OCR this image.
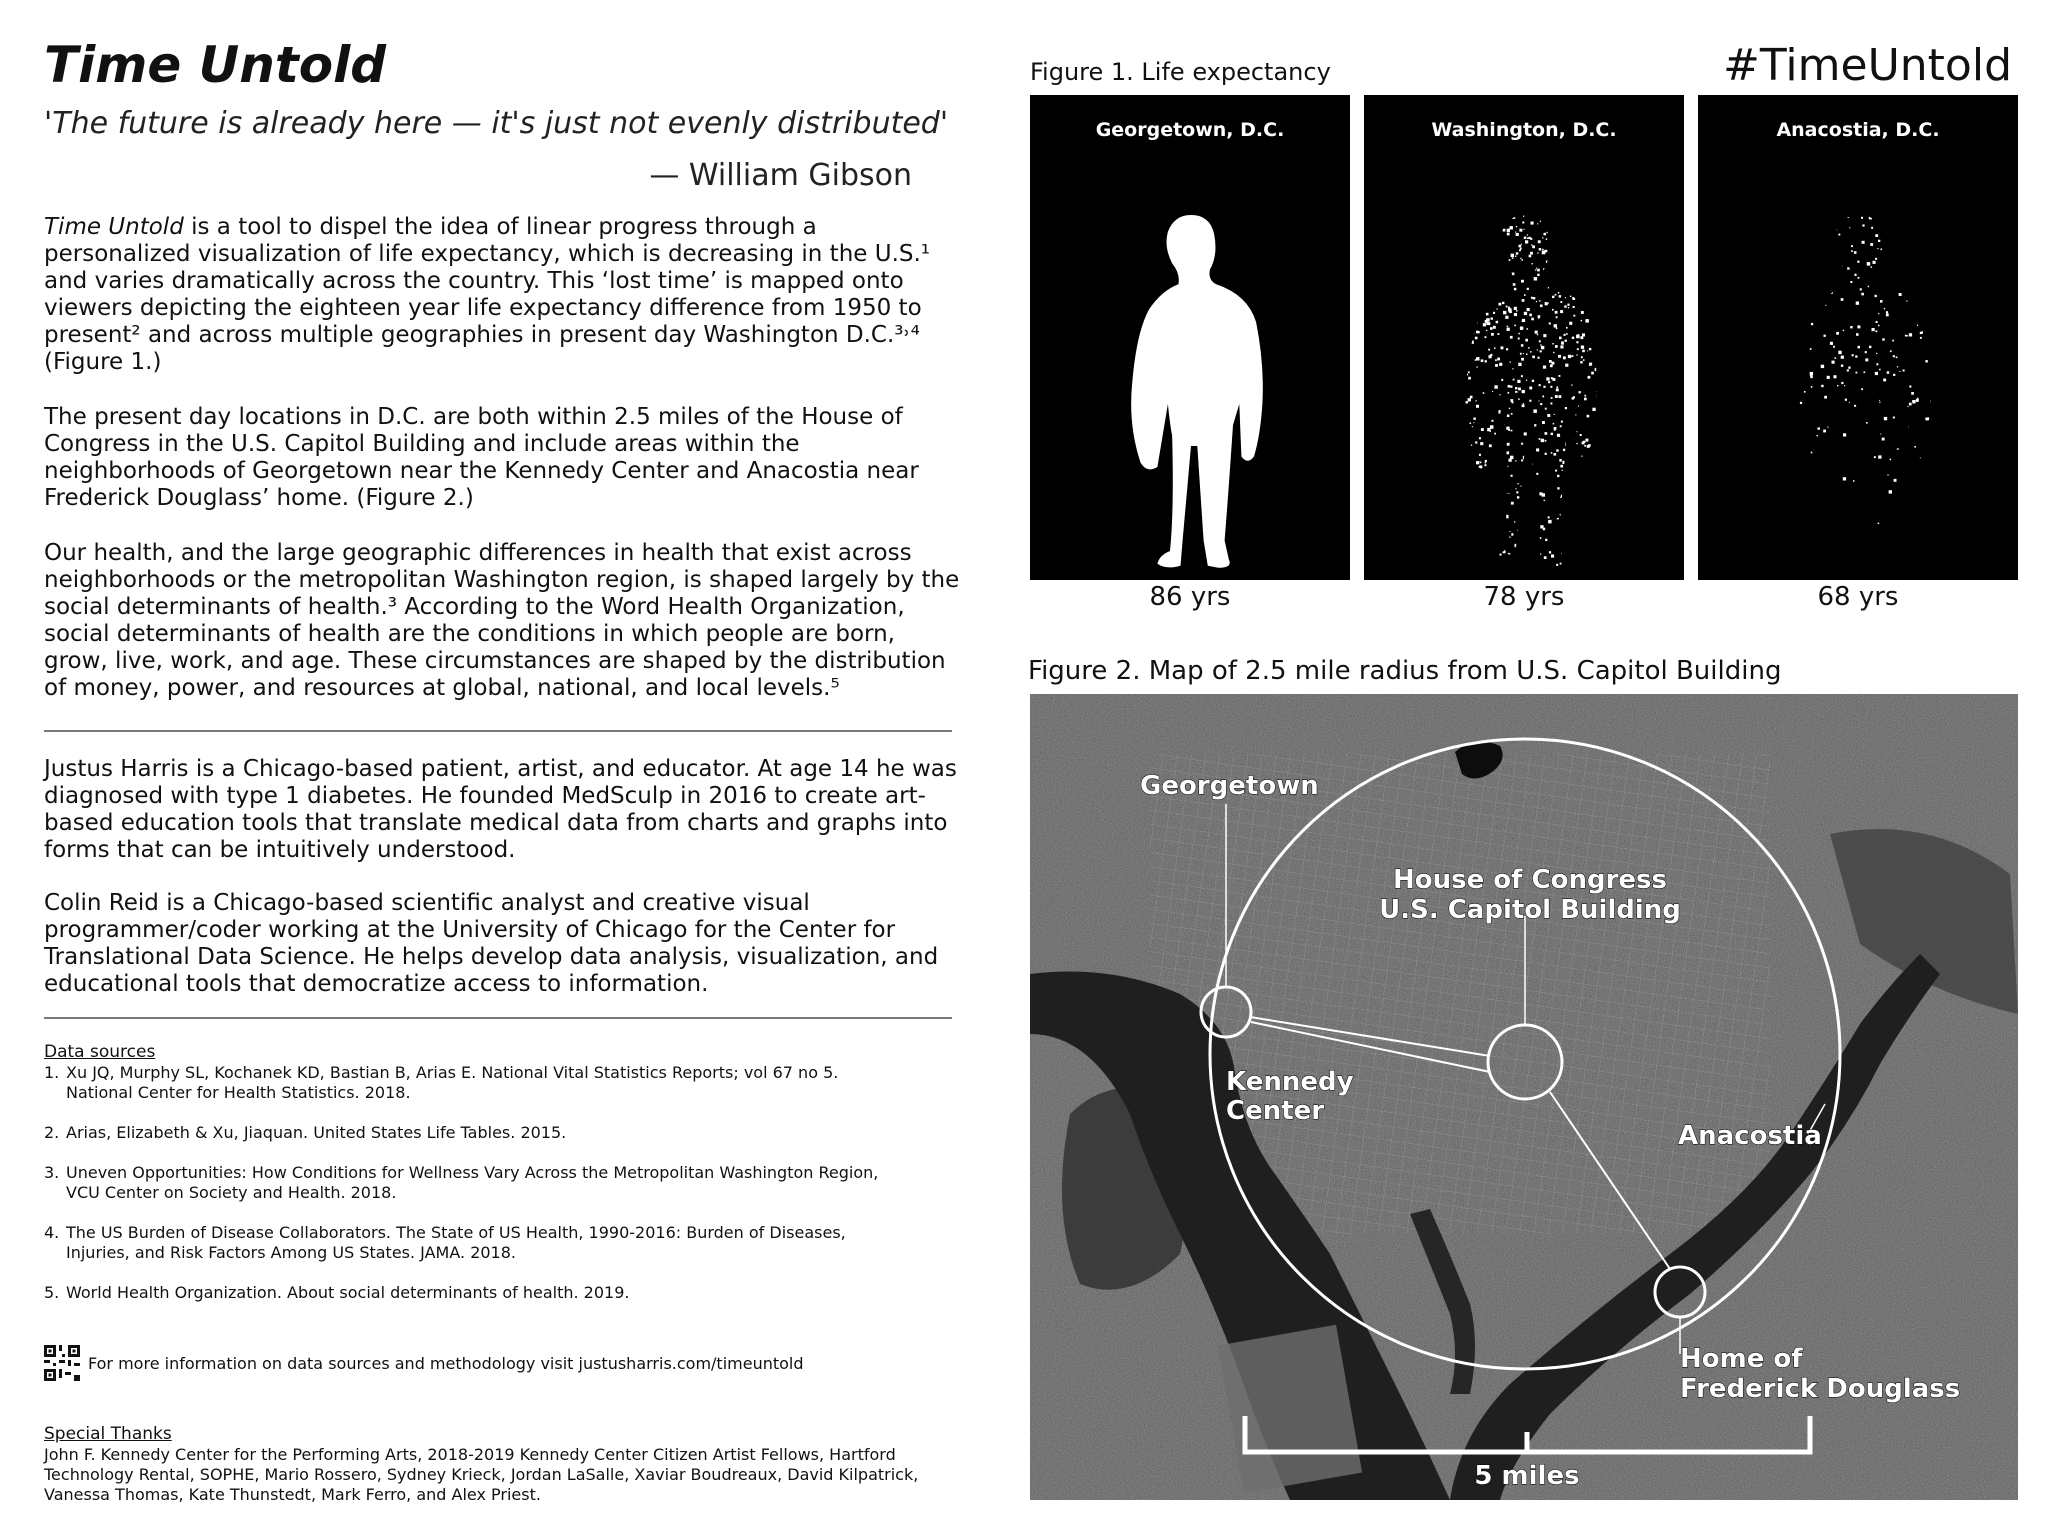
Time Untold
'The future is already here — it's just not evenly distributed'
— William Gibson
Time Untold is a tool to dispel the idea of linear progress through a personalized visualization of life expectancy, which is decreasing in the U.S.¹ and varies dramatically across the country. This ‘lost time’ is mapped onto viewers depicting the eighteen year life expectancy difference from 1950 to present² and across multiple geographies in present day Washington D.C.³˒⁴ (Figure 1.)
The present day locations in D.C. are both within 2.5 miles of the House of Congress in the U.S. Capitol Building and include areas within the neighborhoods of Georgetown near the Kennedy Center and Anacostia near Frederick Douglass’ home. (Figure 2.)
Our health, and the large geographic differences in health that exist across neighborhoods or the metropolitan Washington region, is shaped largely by the social determinants of health.³ According to the Word Health Organization, social determinants of health are the conditions in which people are born, grow, live, work, and age. These circumstances are shaped by the distribution of money, power, and resources at global, national, and local levels.⁵
Justus Harris is a Chicago-based patient, artist, and educator. At age 14 he was diagnosed with type 1 diabetes. He founded MedSculp in 2016 to create art-based education tools that translate medical data from charts and graphs into forms that can be intuitively understood.
Colin Reid is a Chicago-based scientific analyst and creative visual programmer/coder working at the University of Chicago for the Center for Translational Data Science. He helps develop data analysis, visualization, and educational tools that democratize access to information.
Data sources
1. Xu JQ, Murphy SL, Kochanek KD, Bastian B, Arias E. National Vital Statistics Reports; vol 67 no 5.
National Center for Health Statistics. 2018.
2. Arias, Elizabeth & Xu, Jiaquan. United States Life Tables. 2015.
3. Uneven Opportunities: How Conditions for Wellness Vary Across the Metropolitan Washington Region,
VCU Center on Society and Health. 2018.
4. The US Burden of Disease Collaborators. The State of US Health, 1990-2016: Burden of Diseases,
Injuries, and Risk Factors Among US States. JAMA. 2018.
5. World Health Organization. About social determinants of health. 2019.
For more information on data sources and methodology visit justusharris.com/timeuntold
Special Thanks
John F. Kennedy Center for the Performing Arts, 2018-2019 Kennedy Center Citizen Artist Fellows, Hartford Technology Rental, SOPHE, Mario Rossero, Sydney Krieck, Jordan LaSalle, Xaviar Boudreaux, David Kilpatrick, Vanessa Thomas, Kate Thunstedt, Mark Ferro, and Alex Priest.
Figure 1. Life expectancy	#TimeUntold
Georgetown, D.C.	Washington, D.C.	Anacostia, D.C.
86 yrs	78 yrs	68 yrs
Figure 2. Map of 2.5 mile radius from U.S. Capitol Building
Georgetown
House of Congress
U.S. Capitol Building
Kennedy
Center
Anacostia
Home of
Frederick Douglass
5 miles
